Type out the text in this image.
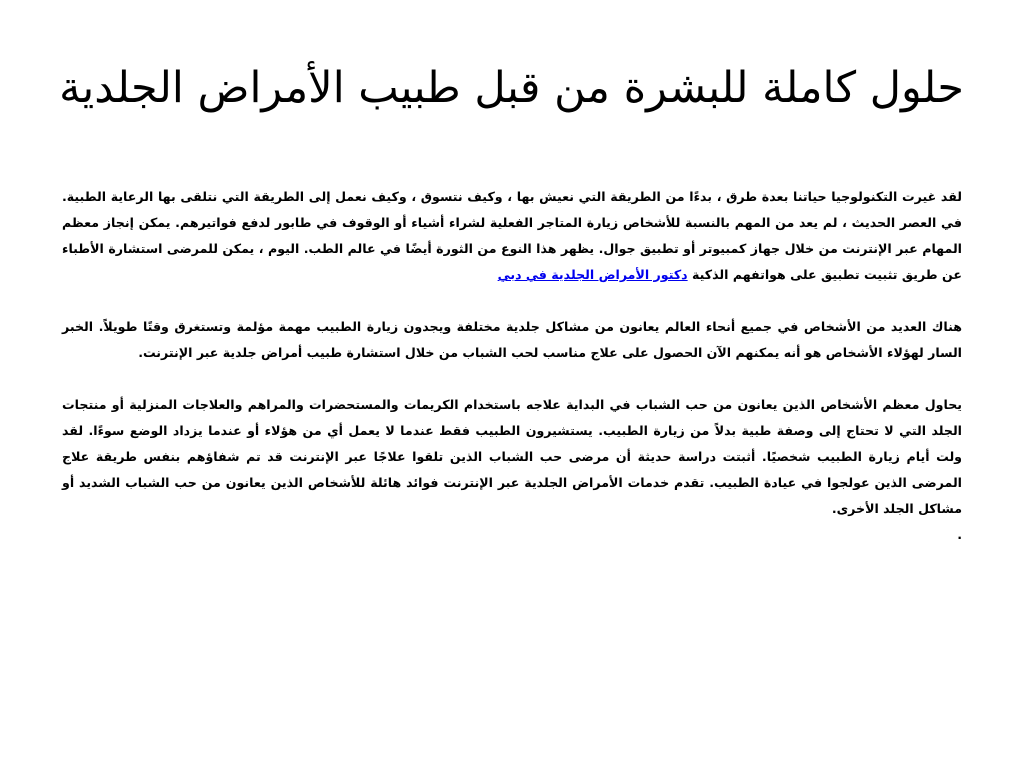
حلول كاملة للبشرة من قبل طبيب الأمراض الجلدية

لقد غيرت التكنولوجيا حياتنا بعدة طرق ، بدءًا من الطريقة التي نعيش بها ، وكيف نتسوق ، وكيف نعمل إلى الطريقة التي نتلقى بها الرعاية الطبية. في العصر الحديث ، لم يعد من المهم بالنسبة للأشخاص زيارة المتاجر الفعلية لشراء أشياء أو الوقوف في طابور لدفع فواتيرهم. يمكن إنجاز معظم المهام عبر الإنترنت من خلال جهاز كمبيوتر أو تطبيق جوال. يظهر هذا النوع من الثورة أيضًا في عالم الطب. اليوم ، يمكن للمرضى استشارة الأطباء عن طريق تثبيت تطبيق على هواتفهم الذكية دكتور الأمراض الجلدية في دبي

هناك العديد من الأشخاص في جميع أنحاء العالم يعانون من مشاكل جلدية مختلفة ويجدون زيارة الطبيب مهمة مؤلمة وتستغرق وقتًا طويلاً. الخبر السار لهؤلاء الأشخاص هو أنه يمكنهم الآن الحصول على علاج مناسب لحب الشباب من خلال استشارة طبيب أمراض جلدية عبر الإنترنت.

يحاول معظم الأشخاص الذين يعانون من حب الشباب في البداية علاجه باستخدام الكريمات والمستحضرات والمراهم والعلاجات المنزلية أو منتجات الجلد التي لا تحتاج إلى وصفة طبية بدلاً من زيارة الطبيب. يستشيرون الطبيب فقط عندما لا يعمل أي من هؤلاء أو عندما يزداد الوضع سوءًا. لقد ولت أيام زيارة الطبيب شخصيًا. أثبتت دراسة حديثة أن مرضى حب الشباب الذين تلقوا علاجًا عبر الإنترنت قد تم شفاؤهم بنفس طريقة علاج المرضى الذين عولجوا في عيادة الطبيب. تقدم خدمات الأمراض الجلدية عبر الإنترنت فوائد هائلة للأشخاص الذين يعانون من حب الشباب الشديد أو مشاكل الجلد الأخرى.

.
